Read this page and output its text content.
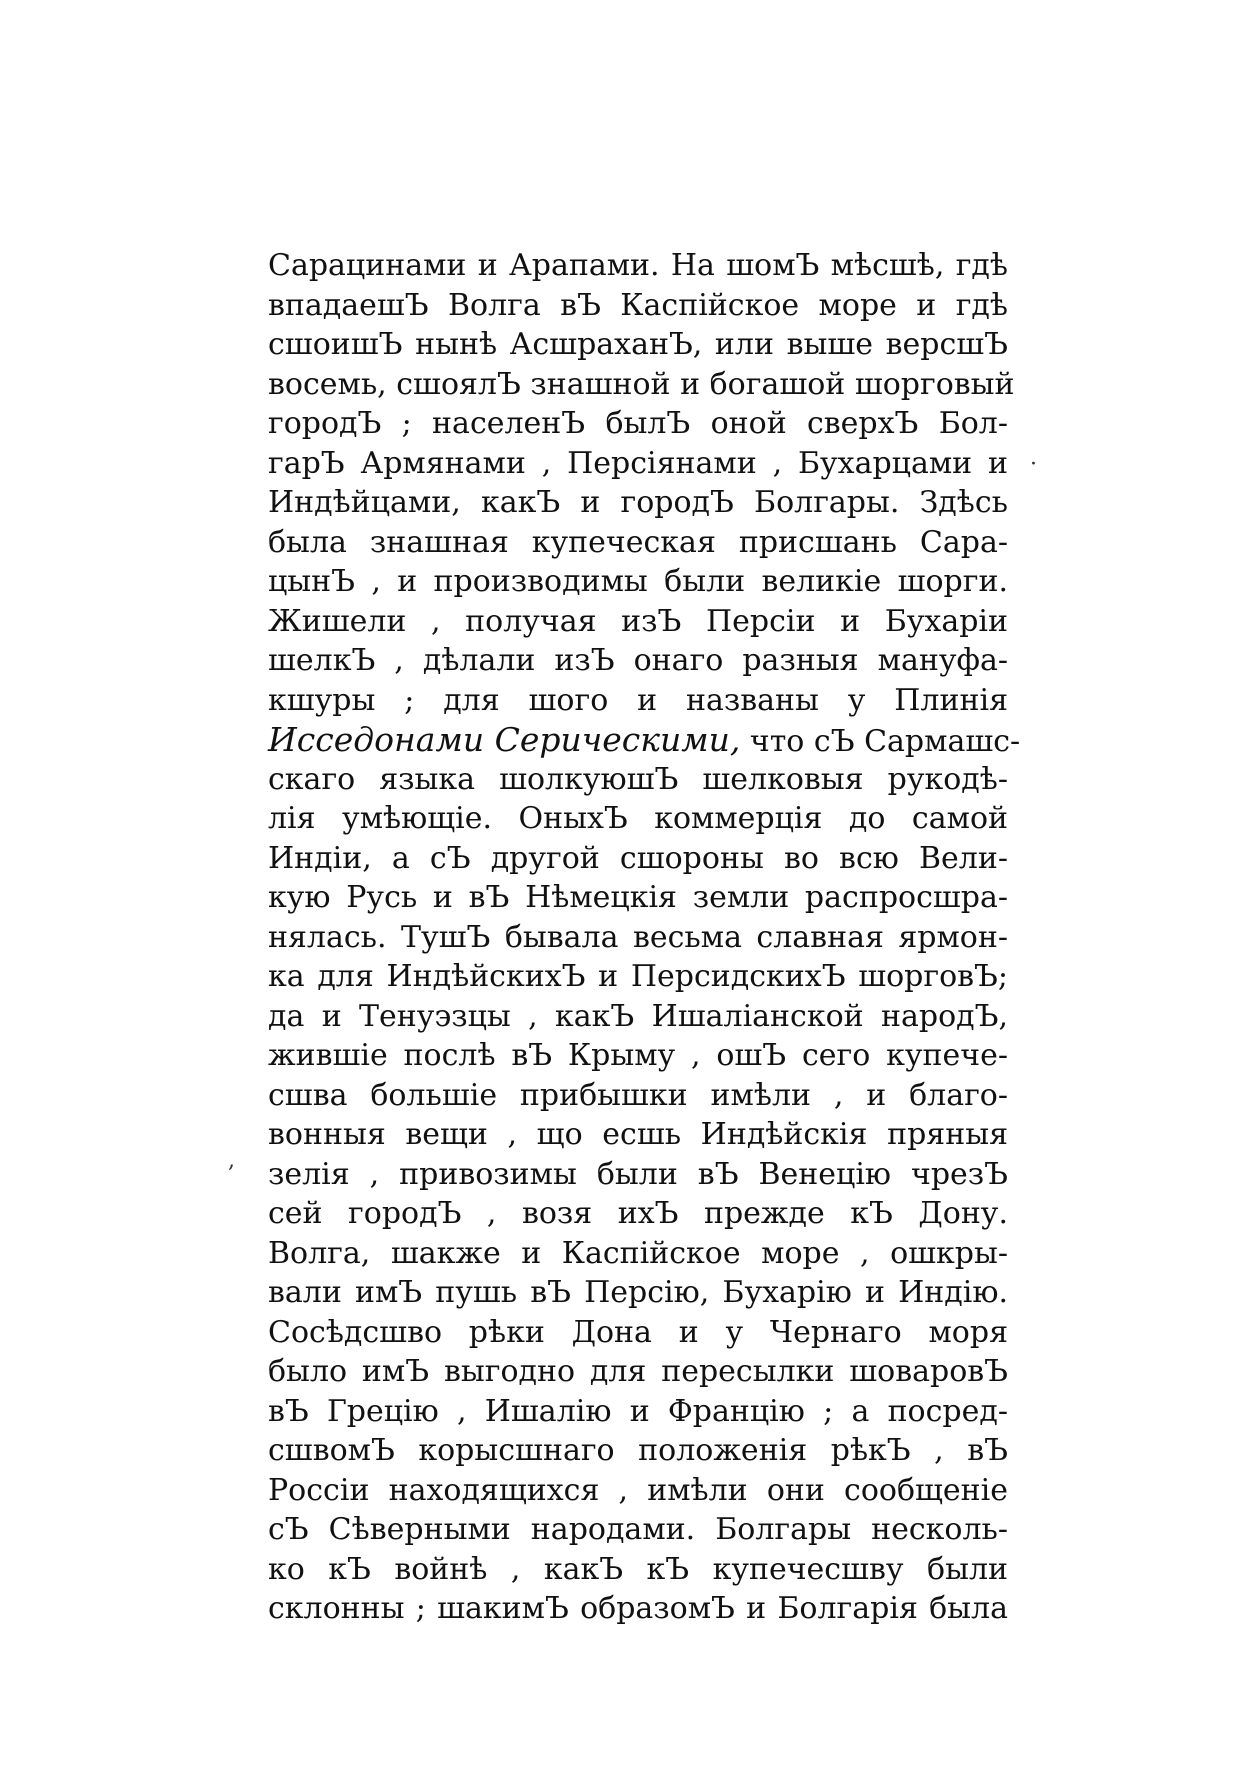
Сарацинами и Арапами. На шомЪ мѣсшѣ, гдѣ
впадаешЪ Волга вЪ Каспійское море и гдѣ
сшоишЪ нынѣ АсшраханЪ, или выше версшЪ
восемь, сшоялЪ знашной и богашой шорговый
городЪ ; населенЪ былЪ оной сверхЪ Бол-
гарЪ Армянами , Персіянами , Бухарцами и
Индѣйцами, какЪ и городЪ Болгары. Здѣсь
была знашная купеческая присшань Сара-
цынЪ , и производимы были великіе шорги.
Жишели , получая изЪ Персіи и Бухаріи
шелкЪ , дѣлали изЪ онаго разныя мануфа-
кшуры ; для шого и названы у Плинія
Исседонами Серическими, что сЪ Сармашс-
скаго языка шолкуюшЪ шелковыя рукодѣ-
лія умѣющіе. ОныхЪ коммерція до самой
Индіи, а сЪ другой сшороны во всю Вели-
кую Русь и вЪ Нѣмецкія земли распросшра-
нялась. ТушЪ бывала весьма славная ярмон-
ка для ИндѣйскихЪ и ПерсидскихЪ шорговЪ;
да и Тенуэзцы , какЪ Ишаліанской народЪ,
жившіе послѣ вЪ Крыму , ошЪ сего купече-
сшва большіе прибышки имѣли , и благо-
вонныя вещи , що есшь Индѣйскія пряныя
зелія , привозимы были вЪ Венецію чрезЪ
сей городЪ , возя ихЪ прежде кЪ Дону.
Волга, шакже и Каспійское море , ошкры-
вали имЪ пушь вЪ Персію, Бухарію и Индію.
Сосѣдсшво рѣки Дона и у Чернаго моря
было имЪ выгодно для пересылки шоваровЪ
вЪ Грецію , Ишалію и Францію ; а посред-
сшвомЪ корысшнаго положенія рѣкЪ , вЪ
Россіи находящихся , имѣли они сообщеніе
сЪ Сѣверными народами. Болгары несколь-
ко кЪ войнѣ , какЪ кЪ купечесшву были
склонны ; шакимЪ образомЪ и Болгарія была
·
,
